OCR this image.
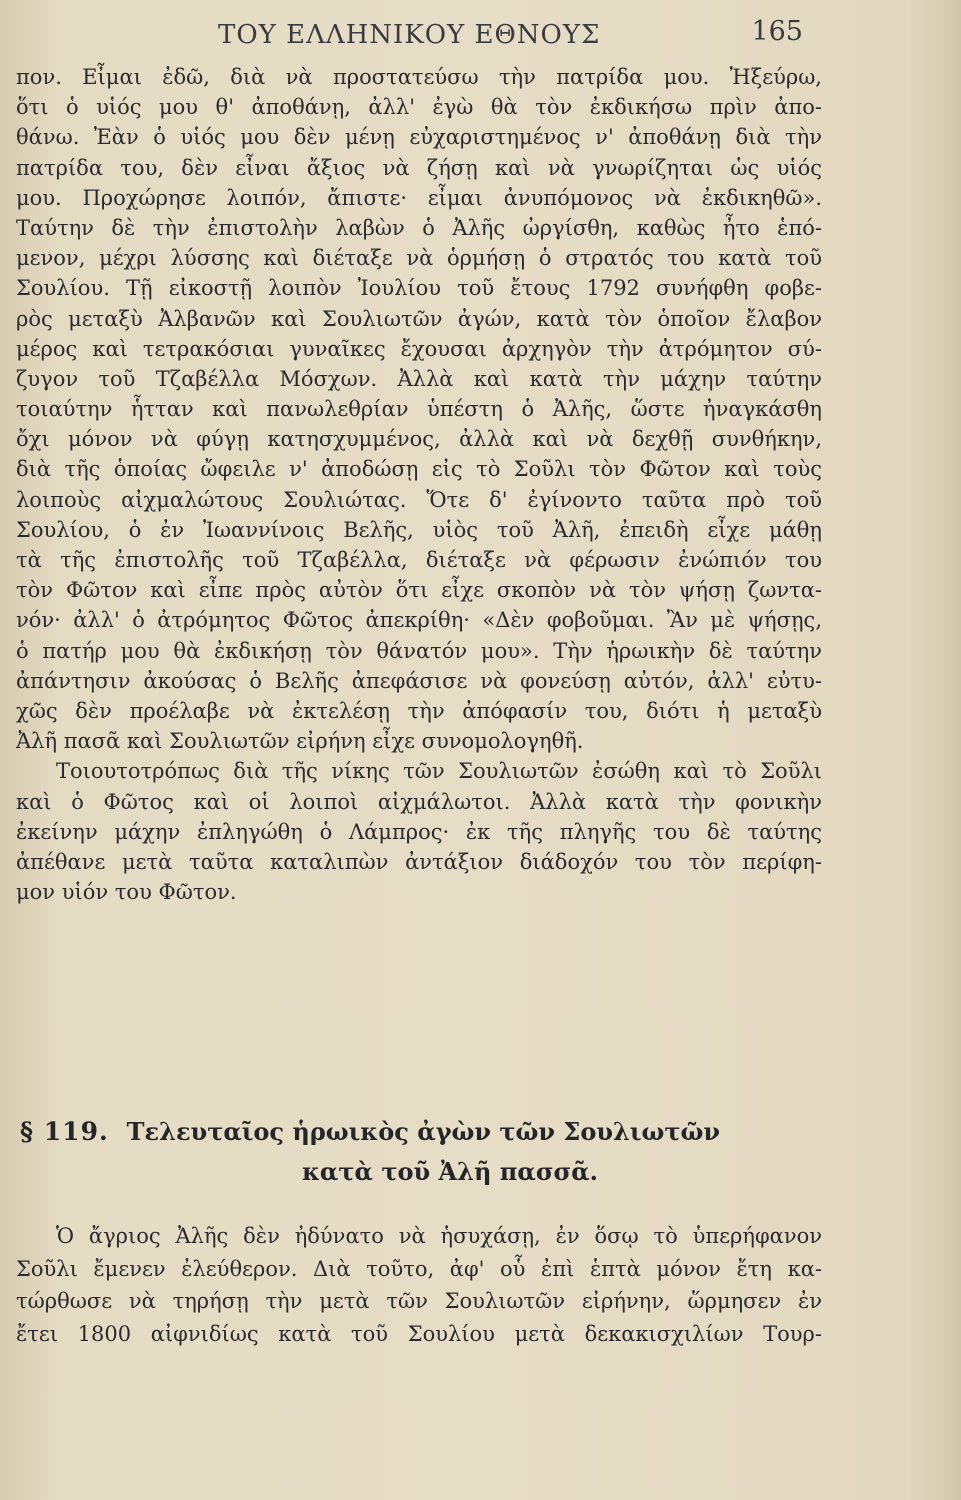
ΤΟΥ ΕΛΛΗΝΙΚΟΥ ΕΘΝΟΥΣ	165
πον. Εἶμαι ἐδῶ, διὰ νὰ προστατεύσω τὴν πατρίδα μου. Ἠξεύρω,
ὅτι ὁ υἱός μου θ' ἀποθάνῃ, ἀλλ' ἐγὼ θὰ τὸν ἐκδικήσω πρὶν ἀπο-
θάνω. Ἐὰν ὁ υἱός μου δὲν μένῃ εὐχαριστημένος ν' ἀποθάνῃ διὰ τὴν
πατρίδα του, δὲν εἶναι ἄξιος νὰ ζήσῃ καὶ νὰ γνωρίζηται ὡς υἱός
μου. Προχώρησε λοιπόν, ἄπιστε· εἶμαι ἀνυπόμονος νὰ ἐκδικηθῶ».
Ταύτην δὲ τὴν ἐπιστολὴν λαβὼν ὁ Ἀλῆς ὠργίσθη, καθὼς ἦτο ἑπό-
μενον, μέχρι λύσσης καὶ διέταξε νὰ ὁρμήσῃ ὁ στρατός του κατὰ τοῦ
Σουλίου. Τῇ εἰκοστῇ λοιπὸν Ἰουλίου τοῦ ἔτους 1792 συνήφθη φοβε-
ρὸς μεταξὺ Ἀλβανῶν καὶ Σουλιωτῶν ἀγών, κατὰ τὸν ὁποῖον ἔλαβον
μέρος καὶ τετρακόσιαι γυναῖκες ἔχουσαι ἀρχηγὸν τὴν ἀτρόμητον σύ-
ζυγον τοῦ Τζαβέλλα Μόσχων. Ἀλλὰ καὶ κατὰ τὴν μάχην ταύτην
τοιαύτην ἧτταν καὶ πανωλεθρίαν ὑπέστη ὁ Ἀλῆς, ὥστε ἠναγκάσθη
ὄχι μόνον νὰ φύγῃ κατησχυμμένος, ἀλλὰ καὶ νὰ δεχθῇ συνθήκην,
διὰ τῆς ὁποίας ὤφειλε ν' ἀποδώσῃ εἰς τὸ Σοῦλι τὸν Φῶτον καὶ τοὺς
λοιποὺς αἰχμαλώτους Σουλιώτας. Ὅτε δ' ἐγίνοντο ταῦτα πρὸ τοῦ
Σουλίου, ὁ ἐν Ἰωαννίνοις Βελῆς, υἱὸς τοῦ Ἀλῆ, ἐπειδὴ εἶχε μάθῃ
τὰ τῆς ἐπιστολῆς τοῦ Τζαβέλλα, διέταξε νὰ φέρωσιν ἐνώπιόν του
τὸν Φῶτον καὶ εἶπε πρὸς αὐτὸν ὅτι εἶχε σκοπὸν νὰ τὸν ψήσῃ ζωντα-
νόν· ἀλλ' ὁ ἀτρόμητος Φῶτος ἀπεκρίθη· «Δὲν φοβοῦμαι. Ἂν μὲ ψήσῃς,
ὁ πατήρ μου θὰ ἐκδικήσῃ τὸν θάνατόν μου». Τὴν ἡρωικὴν δὲ ταύτην
ἀπάντησιν ἀκούσας ὁ Βελῆς ἀπεφάσισε νὰ φονεύσῃ αὐτόν, ἀλλ' εὐτυ-
χῶς δὲν προέλαβε νὰ ἐκτελέσῃ τὴν ἀπόφασίν του, διότι ἡ μεταξὺ
Ἀλῆ πασᾶ καὶ Σουλιωτῶν εἰρήνη εἶχε συνομολογηθῆ.
Τοιουτοτρόπως διὰ τῆς νίκης τῶν Σουλιωτῶν ἐσώθη καὶ τὸ Σοῦλι
καὶ ὁ Φῶτος καὶ οἱ λοιποὶ αἰχμάλωτοι. Ἀλλὰ κατὰ τὴν φονικὴν
ἐκείνην μάχην ἐπληγώθη ὁ Λάμπρος· ἐκ τῆς πληγῆς του δὲ ταύτης
ἀπέθανε μετὰ ταῦτα καταλιπὼν ἀντάξιον διάδοχόν του τὸν περίφη-
μον υἱόν του Φῶτον.
§ 119. Τελευταῖος ἡρωικὸς ἀγὼν τῶν Σουλιωτῶν
κατὰ τοῦ Ἀλῆ πασσᾶ.
Ὁ ἄγριος Ἀλῆς δὲν ἠδύνατο νὰ ἡσυχάσῃ, ἐν ὅσῳ τὸ ὑπερήφανον
Σοῦλι ἔμενεν ἐλεύθερον. Διὰ τοῦτο, ἀφ' οὗ ἐπὶ ἑπτὰ μόνον ἔτη κα-
τώρθωσε νὰ τηρήσῃ τὴν μετὰ τῶν Σουλιωτῶν εἰρήνην, ὥρμησεν ἐν
ἔτει 1800 αἰφνιδίως κατὰ τοῦ Σουλίου μετὰ δεκακισχιλίων Τουρ-
